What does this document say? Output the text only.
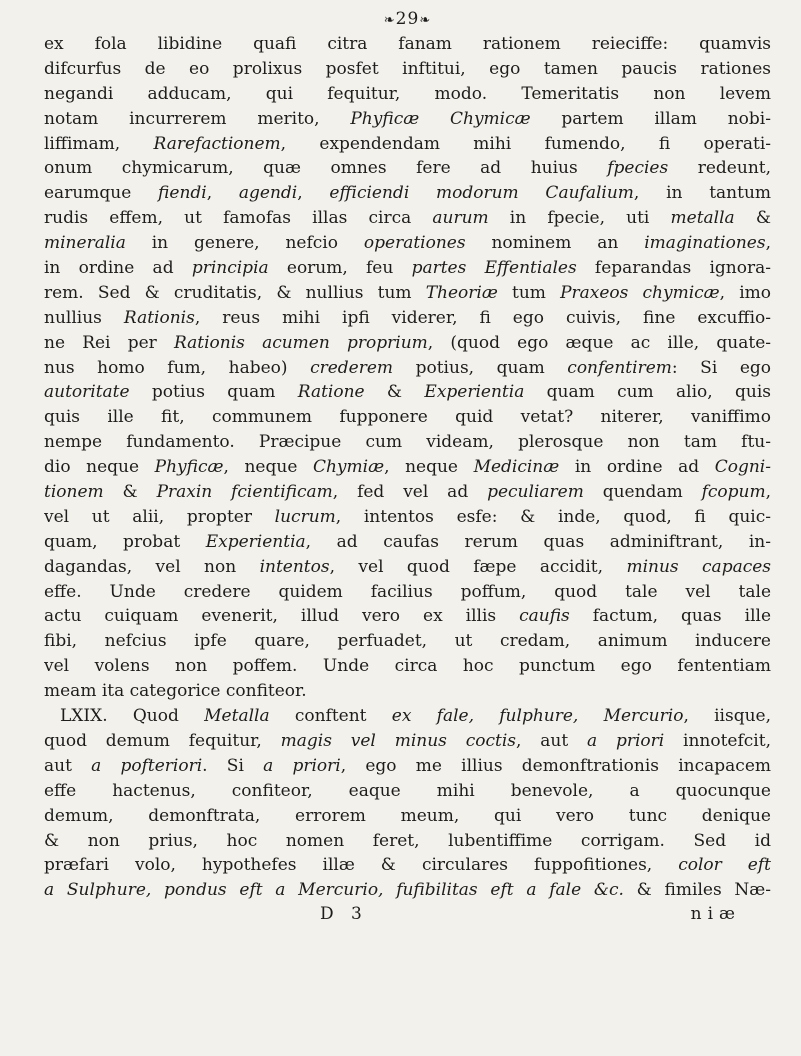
❧29❧
ex fola libidine quafi citra fanam rationem reieciffe: quamvis
difcurfus de eo prolixus posfet inftitui, ego tamen paucis rationes
negandi adducam, qui fequitur, modo. Temeritatis non levem
notam incurrerem merito, Phyficæ Chymicæ partem illam nobi-
liffimam, Rarefactionem, expendendam mihi fumendo, fi operati-
onum chymicarum, quæ omnes fere ad huius fpecies redeunt,
earumque fiendi, agendi, efficiendi modorum Caufalium, in tantum
rudis effem, ut famofas illas circa aurum in fpecie, uti metalla &
mineralia in genere, nefcio operationes nominem an imaginationes,
in ordine ad principia eorum, feu partes Effentiales feparandas ignora-
rem. Sed & cruditatis, & nullius tum Theoriæ tum Praxeos chymicæ, imo
nullius Rationis, reus mihi ipfi viderer, fi ego cuivis, fine excuffio-
ne Rei per Rationis acumen proprium, (quod ego æque ac ille, quate-
nus homo fum, habeo) crederem potius, quam confentirem: Si ego
autoritate potius quam Ratione & Experientia quam cum alio, quis
quis ille fit, communem fupponere quid vetat? niterer, vaniffimo
nempe fundamento. Præcipue cum videam, plerosque non tam ftu-
dio neque Phyficæ, neque Chymiæ, neque Medicinæ in ordine ad Cogni-
tionem & Praxin fcientificam, fed vel ad peculiarem quendam fcopum,
vel ut alii, propter lucrum, intentos esfe: & inde, quod, fi quic-
quam, probat Experientia, ad caufas rerum quas adminiftrant, in-
dagandas, vel non intentos, vel quod fæpe accidit, minus capaces
effe. Unde credere quidem facilius poffum, quod tale vel tale
actu cuiquam evenerit, illud vero ex illis caufis factum, quas ille
fibi, nefcius ipfe quare, perfuadet, ut credam, animum inducere
vel volens non poffem. Unde circa hoc punctum ego fententiam
meam ita categorice confiteor.
LXIX. Quod Metalla conftent ex fale, fulphure, Mercurio, iisque,
quod demum fequitur, magis vel minus coctis, aut a priori innotefcit,
aut a pofteriori. Si a priori, ego me illius demonftrationis incapacem
effe hactenus, confiteor, eaque mihi benevole, a quocunque
demum, demonftrata, errorem meum, qui vero tunc denique
& non prius, hoc nomen feret, lubentiffime corrigam. Sed id
præfari volo, hypothefes illæ & circulares fuppofitiones, color eft
a Sulphure, pondus eft a Mercurio, fufibilitas eft a fale &c. & fimiles Næ-
D 3	niæ
